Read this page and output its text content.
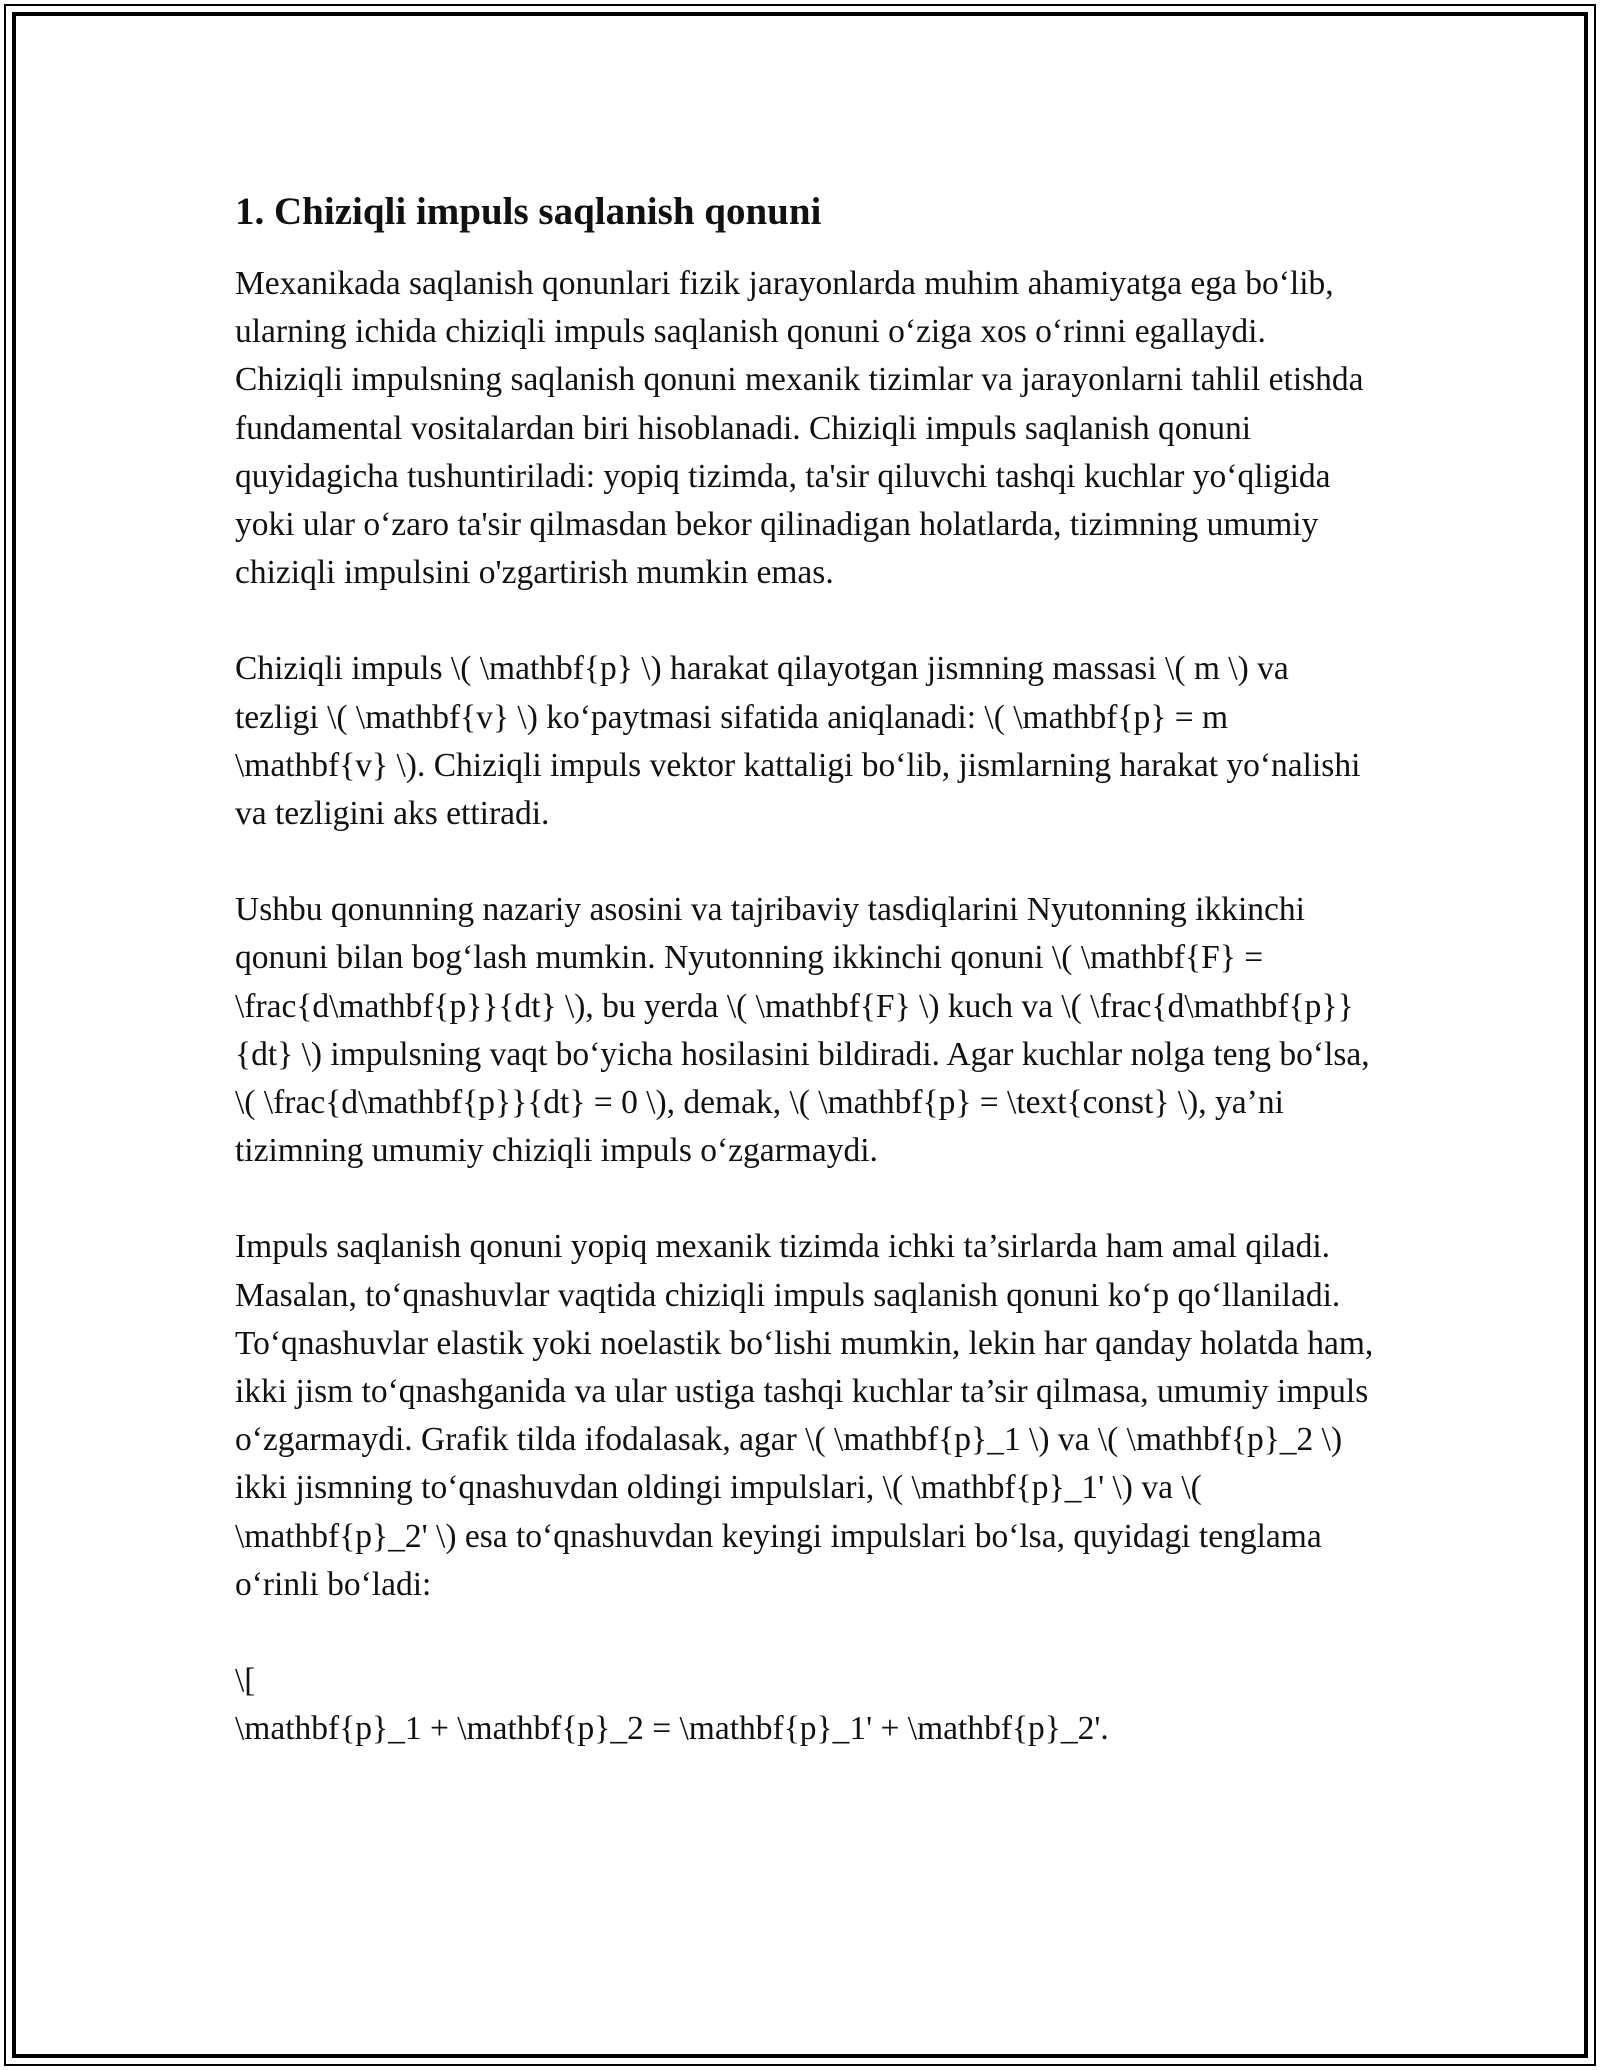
1. Chiziqli impuls saqlanish qonuni

Mexanikada saqlanish qonunlari fizik jarayonlarda muhim ahamiyatga ega bo‘lib, ularning ichida chiziqli impuls saqlanish qonuni o‘ziga xos o‘rinni egallaydi. Chiziqli impulsning saqlanish qonuni mexanik tizimlar va jarayonlarni tahlil etishda fundamental vositalardan biri hisoblanadi. Chiziqli impuls saqlanish qonuni quyidagicha tushuntiriladi: yopiq tizimda, ta'sir qiluvchi tashqi kuchlar yo‘qligida yoki ular o‘zaro ta'sir qilmasdan bekor qilinadigan holatlarda, tizimning umumiy chiziqli impulsini o'zgartirish mumkin emas.

Chiziqli impuls \( \mathbf{p} \) harakat qilayotgan jismning massasi \( m \) va tezligi \( \mathbf{v} \) ko‘paytmasi sifatida aniqlanadi: \( \mathbf{p} = m \mathbf{v} \). Chiziqli impuls vektor kattaligi bo‘lib, jismlarning harakat yo‘nalishi va tezligini aks ettiradi.

Ushbu qonunning nazariy asosini va tajribaviy tasdiqlarini Nyutonning ikkinchi qonuni bilan bog‘lash mumkin. Nyutonning ikkinchi qonuni \( \mathbf{F} = \frac{d\mathbf{p}}{dt} \), bu yerda \( \mathbf{F} \) kuch va \( \frac{d\mathbf{p}}{dt} \) impulsning vaqt bo‘yicha hosilasini bildiradi. Agar kuchlar nolga teng bo‘lsa, \( \frac{d\mathbf{p}}{dt} = 0 \), demak, \( \mathbf{p} = \text{const} \), ya’ni tizimning umumiy chiziqli impuls o‘zgarmaydi.

Impuls saqlanish qonuni yopiq mexanik tizimda ichki ta’sirlarda ham amal qiladi. Masalan, to‘qnashuvlar vaqtida chiziqli impuls saqlanish qonuni ko‘p qo‘llaniladi. To‘qnashuvlar elastik yoki noelastik bo‘lishi mumkin, lekin har qanday holatda ham, ikki jism to‘qnashganida va ular ustiga tashqi kuchlar ta’sir qilmasa, umumiy impuls o‘zgarmaydi. Grafik tilda ifodalasak, agar \( \mathbf{p}_1 \) va \( \mathbf{p}_2 \) ikki jismning to‘qnashuvdan oldingi impulslari, \( \mathbf{p}_1' \) va \( \mathbf{p}_2' \) esa to‘qnashuvdan keyingi impulslari bo‘lsa, quyidagi tenglama o‘rinli bo‘ladi:

\[

\mathbf{p}_1 + \mathbf{p}_2 = \mathbf{p}_1' + \mathbf{p}_2'.
